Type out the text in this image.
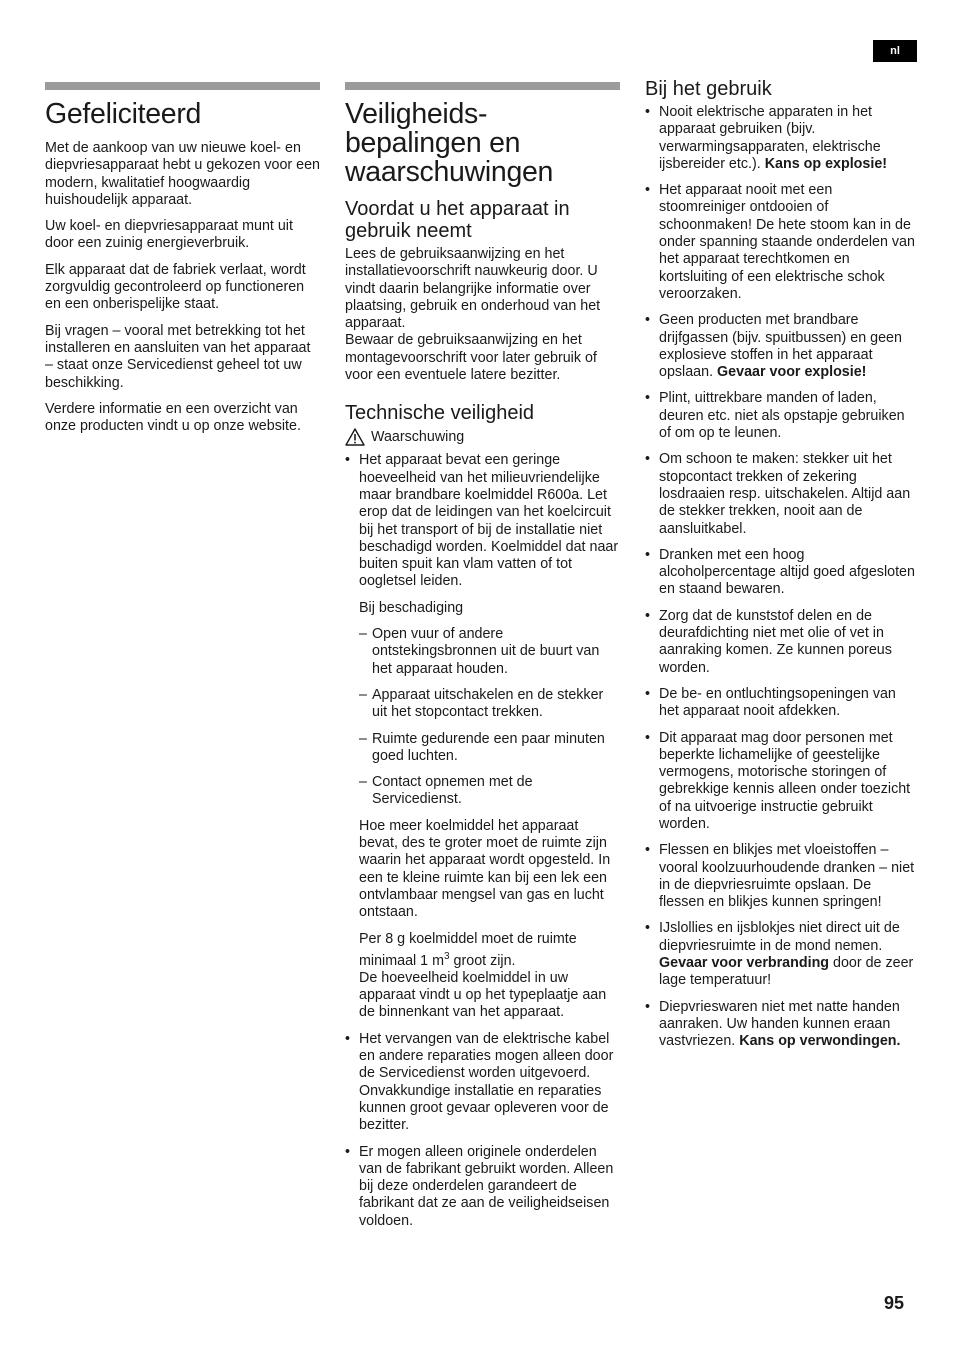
nl
Gefeliciteerd

Met de aankoop van uw nieuwe koel- en diepvriesapparaat hebt u gekozen voor een modern, kwalitatief hoogwaardig huishoudelijk apparaat.

Uw koel- en diepvriesapparaat munt uit door een zuinig energieverbruik.

Elk apparaat dat de fabriek verlaat, wordt zorgvuldig gecontroleerd op functioneren en een onberispelijke staat.

Bij vragen – vooral met betrekking tot het installeren en aansluiten van het apparaat – staat onze Servicedienst geheel tot uw beschikking.

Verdere informatie en een overzicht van onze producten vindt u op onze website.

Veiligheids- bepalingen en waarschuwingen
Voordat u het apparaat in gebruik neemt

Lees de gebruiksaanwijzing en het installatievoorschrift nauwkeurig door. U vindt daarin belangrijke informatie over plaatsing, gebruik en onderhoud van het apparaat.

Bewaar de gebruiksaanwijzing en het montagevoorschrift voor later gebruik of voor een eventuele latere bezitter.

Technische veiligheid
Waarschuwing
• Het apparaat bevat een geringe hoeveelheid van het milieuvriendelijke maar brandbare koelmiddel R600a. Let erop dat de leidingen van het koelcircuit bij het transport of bij de installatie niet beschadigd worden. Koelmiddel dat naar buiten spuit kan vlam vatten of tot oogletsel leiden.
Bij beschadiging
– Open vuur of andere ontstekingsbronnen uit de buurt van het apparaat houden.
– Apparaat uitschakelen en de stekker uit het stopcontact trekken.
– Ruimte gedurende een paar minuten goed luchten.
– Contact opnemen met de Servicedienst.
Hoe meer koelmiddel het apparaat bevat, des te groter moet de ruimte zijn waarin het apparaat wordt opgesteld. In een te kleine ruimte kan bij een lek een ontvlambaar mengsel van gas en lucht ontstaan.
Per 8 g koelmiddel moet de ruimte minimaal 1 $m^3$ groot zijn.
De hoeveelheid koelmiddel in uw apparaat vindt u op het typeplaatje aan de binnenkant van het apparaat.
• Het vervangen van de elektrische kabel en andere reparaties mogen alleen door de Servicedienst worden uitgevoerd. Onvakkundige installatie en reparaties kunnen groot gevaar opleveren voor de bezitter.
• Er mogen alleen originele onderdelen van de fabrikant gebruikt worden. Alleen bij deze onderdelen garandeert de fabrikant dat ze aan de veiligheidseisen voldoen.
Bij het gebruik
• Nooit elektrische apparaten in het apparaat gebruiken (bijv. verwarmingsapparaten, elektrische ijsbereider etc.). Kans op explosie!
• Het apparaat nooit met een stoomreiniger ontdooien of schoonmaken! De hete stoom kan in de onder spanning staande onderdelen van het apparaat terechtkomen en kortsluiting of een elektrische schok veroorzaken.
• Geen producten met brandbare drijfgassen (bijv. spuitbussen) en geen explosieve stoffen in het apparaat opslaan. Gevaar voor explosie!
• Plint, uittrekbare manden of laden, deuren etc. niet als opstapje gebruiken of om op te leunen.
• Om schoon te maken: stekker uit het stopcontact trekken of zekering losdraaien resp. uitschakelen. Altijd aan de stekker trekken, nooit aan de aansluitkabel.
• Dranken met een hoog alcoholpercentage altijd goed afgesloten en staand bewaren.
• Zorg dat de kunststof delen en de deurafdichting niet met olie of vet in aanraking komen. Ze kunnen poreus worden.
• De be- en ontluchtingsopeningen van het apparaat nooit afdekken.
• Dit apparaat mag door personen met beperkte lichamelijke of geestelijke vermogens, motorische storingen of gebrekkige kennis alleen onder toezicht of na uitvoerige instructie gebruikt worden.
• Flessen en blikjes met vloeistoffen – vooral koolzuurhoudende dranken – niet in de diepvriesruimte opslaan. De flessen en blikjes kunnen springen!
• IJslollies en ijsblokjes niet direct uit de diepvriesruimte in de mond nemen. Gevaar voor verbranding door de zeer lage temperatuur!
• Diepvrieswaren niet met natte handen aanraken. Uw handen kunnen eraan vastvriezen. Kans op verwondingen.
95
